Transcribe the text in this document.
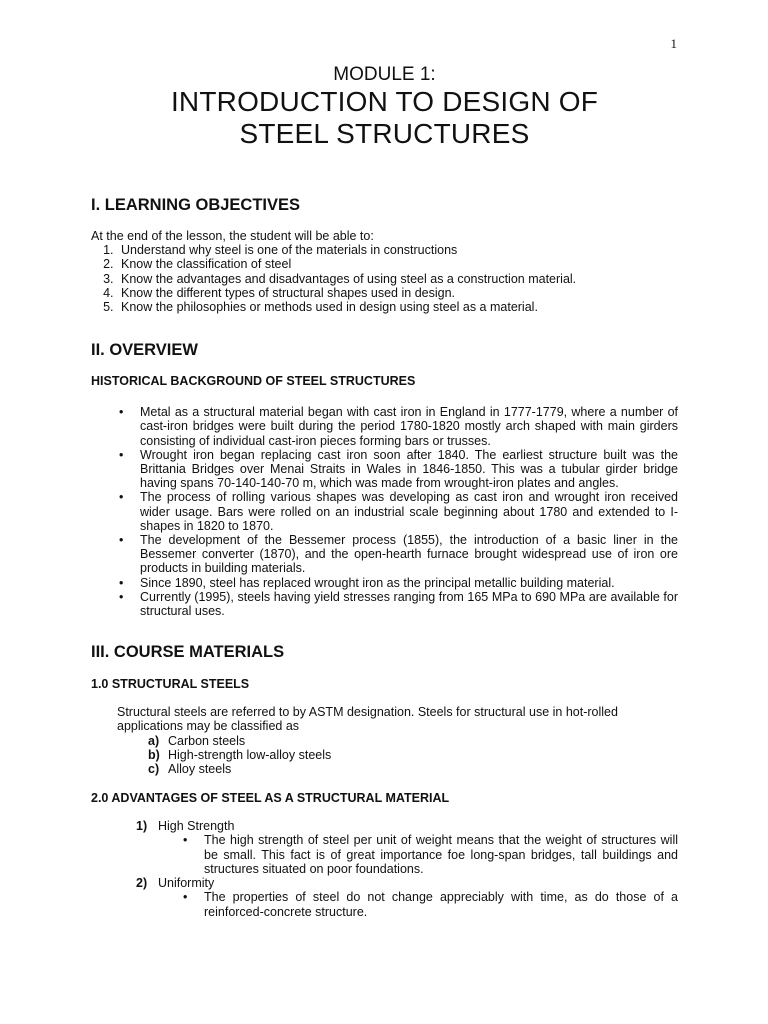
1

MODULE 1:

INTRODUCTION TO DESIGN OF
STEEL STRUCTURES
I. LEARNING OBJECTIVES

At the end of the lesson, the student will be able to:

1. Understand why steel is one of the materials in constructions
2. Know the classification of steel
3. Know the advantages and disadvantages of using steel as a construction material.
4. Know the different types of structural shapes used in design.
5. Know the philosophies or methods used in design using steel as a material.
II. OVERVIEW
HISTORICAL BACKGROUND OF STEEL STRUCTURES
• Metal as a structural material began with cast iron in England in 1777-1779, where a number of cast-iron bridges were built during the period 1780-1820 mostly arch shaped with main girders consisting of individual cast-iron pieces forming bars or trusses.
• Wrought iron began replacing cast iron soon after 1840. The earliest structure built was the Brittania Bridges over Menai Straits in Wales in 1846-1850. This was a tubular girder bridge having spans 70-140-140-70 m, which was made from wrought-iron plates and angles.
• The process of rolling various shapes was developing as cast iron and wrought iron received wider usage. Bars were rolled on an industrial scale beginning about 1780 and extended to I-shapes in 1820 to 1870.
• The development of the Bessemer process (1855), the introduction of a basic liner in the Bessemer converter (1870), and the open-hearth furnace brought widespread use of iron ore products in building materials.
• Since 1890, steel has replaced wrought iron as the principal metallic building material.
• Currently (1995), steels having yield stresses ranging from 165 MPa to 690 MPa are available for structural uses.
III. COURSE MATERIALS
1.0 STRUCTURAL STEELS

Structural steels are referred to by ASTM designation. Steels for structural use in hot-rolled applications may be classified as

a) Carbon steels
b) High-strength low-alloy steels
c) Alloy steels
2.0 ADVANTAGES OF STEEL AS A STRUCTURAL MATERIAL
1) High Strength
• The high strength of steel per unit of weight means that the weight of structures will be small. This fact is of great importance foe long-span bridges, tall buildings and structures situated on poor foundations.
2) Uniformity
• The properties of steel do not change appreciably with time, as do those of a reinforced-concrete structure.
